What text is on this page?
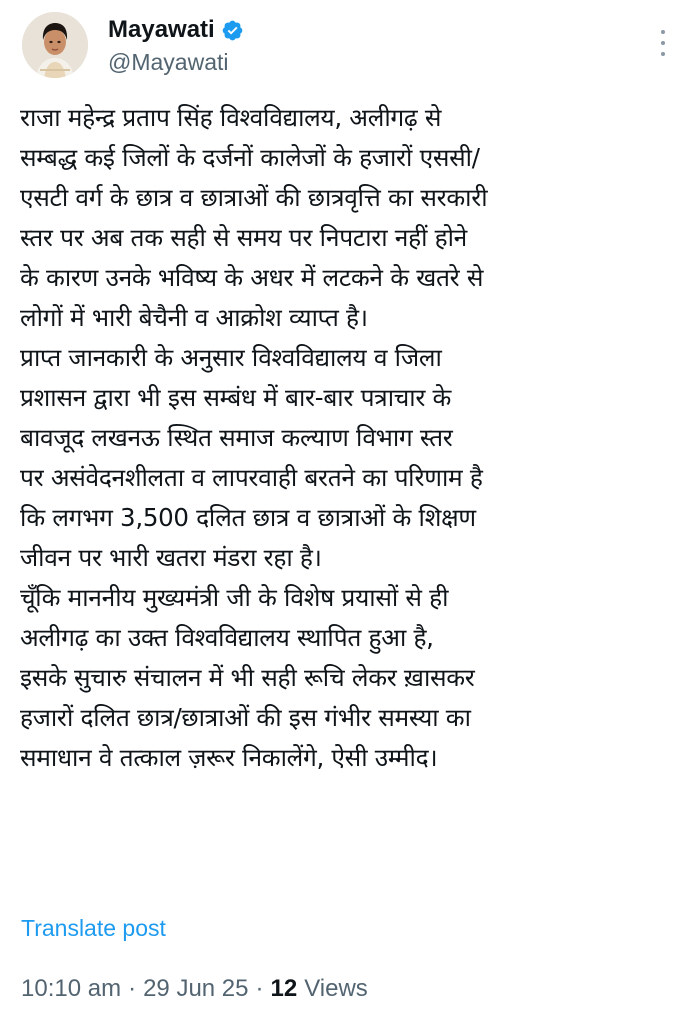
Mayawati
@Mayawati
राजा महेन्द्र प्रताप सिंह विश्वविद्यालय, अलीगढ़ से
सम्बद्ध कई जिलों के दर्जनों कालेजों के हजारों एससी/
एसटी वर्ग के छात्र व छात्राओं की छात्रवृत्ति का सरकारी
स्तर पर अब तक सही से समय पर निपटारा नहीं होने
के कारण उनके भविष्य के अधर में लटकने के खतरे से
लोगों में भारी बेचैनी व आक्रोश व्याप्त है।
प्राप्त जानकारी के अनुसार विश्वविद्यालय व जिला
प्रशासन द्वारा भी इस सम्बंध में बार-बार पत्राचार के
बावजूद लखनऊ स्थित समाज कल्याण विभाग स्तर
पर असंवेदनशीलता व लापरवाही बरतने का परिणाम है
कि लगभग 3,500 दलित छात्र व छात्राओं के शिक्षण
जीवन पर भारी खतरा मंडरा रहा है।
चूँकि माननीय मुख्यमंत्री जी के विशेष प्रयासों से ही
अलीगढ़ का उक्त विश्वविद्यालय स्थापित हुआ है,
इसके सुचारु संचालन में भी सही रूचि लेकर ख़ासकर
हजारों दलित छात्र/छात्राओं की इस गंभीर समस्या का
समाधान वे तत्काल ज़रूर निकालेंगे, ऐसी उम्मीद।
Translate post
10:10 am · 29 Jun 25 · 12 Views
